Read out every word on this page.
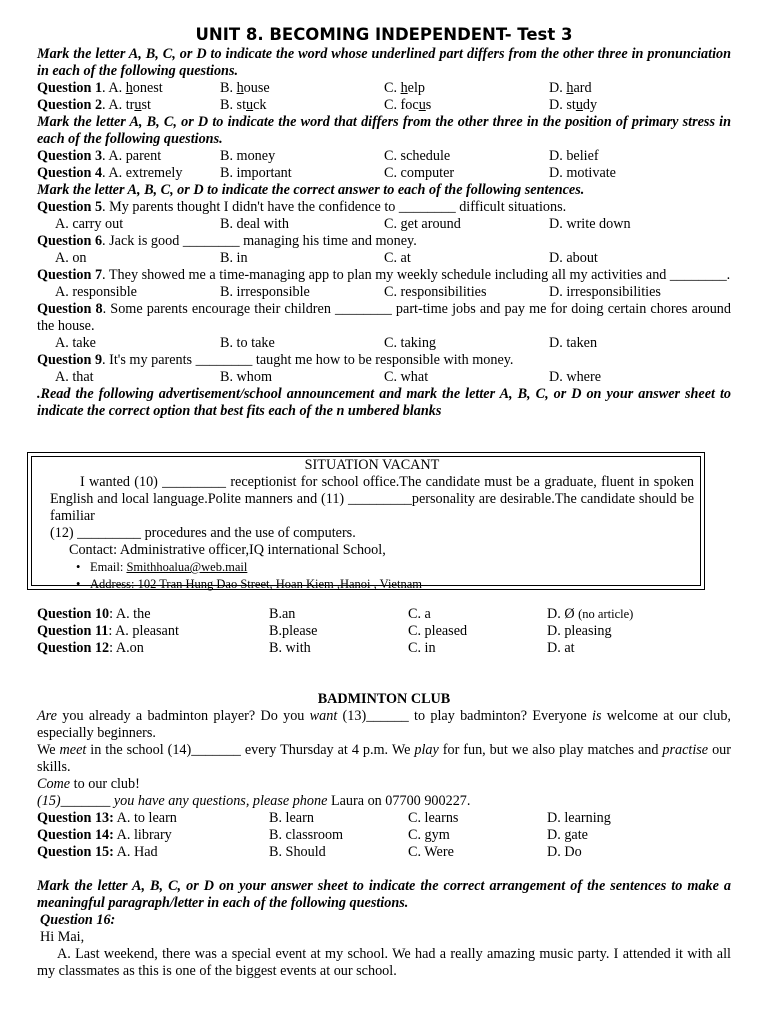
UNIT 8. BECOMING INDEPENDENT- Test 3
Mark the letter A, B, C, or D to indicate the word whose underlined part differs from the other three in pronunciation in each of the following questions.
Question 1. A. honest	B. house	C. help	D. hard
Question 2. A. trust	B. stuck	C. focus	D. study
Mark the letter A, B, C, or D to indicate the word that differs from the other three in the position of primary stress in each of the following questions.
Question 3. A. parent	B. money	C. schedule	D. belief
Question 4. A. extremely	B. important	C. computer	D. motivate
Mark the letter A, B, C, or D to indicate the correct answer to each of the following sentences.
Question 5. My parents thought I didn't have the confidence to ________ difficult situations.
A. carry out	B. deal with	C. get around	D. write down
Question 6. Jack is good ________ managing his time and money.
A. on	B. in	C. at	D. about
Question 7. They showed me a time-managing app to plan my weekly schedule including all my activities and ________.
A. responsible	B. irresponsible	C. responsibilities	D. irresponsibilities
Question 8. Some parents encourage their children ________ part-time jobs and pay me for doing certain chores around the house.
A. take	B. to take	C. taking	D. taken
Question 9. It's my parents ________ taught me how to be responsible with money.
A. that	B. whom	C. what	D. where
.Read the following advertisement/school announcement and mark the letter A, B, C, or D on your answer sheet to indicate the correct option that best fits each of the n umbered blanks
SITUATION VACANT
I wanted (10) _________ receptionist for school office.The candidate must be a graduate, fluent in spoken English and local language.Polite manners and (11) _________personality are desirable.The candidate should be familiar
(12) _________ procedures and the use of computers.
Contact: Administrative officer,IQ international School,
• Email: Smithhoalua@web.mail
• Address: 102 Tran Hung Dao Street, Hoan Kiem ,Hanoi , Vietnam
Question 10: A. the	B.an	C. a	D. Ø (no article)
Question 11: A. pleasant	B.please	C. pleased	D. pleasing
Question 12: A.on	B. with	C. in	D. at
BADMINTON CLUB
Are you already a badminton player? Do you want (13)______ to play badminton? Everyone is welcome at our club, especially beginners.
We meet in the school (14)_______ every Thursday at 4 p.m. We play for fun, but we also play matches and practise our skills.
Come to our club!
(15)_______ you have any questions, please phone Laura on 07700 900227.
Question 13: A. to learn	B. learn	C. learns	D. learning
Question 14: A. library	B. classroom	C. gym	D. gate
Question 15: A. Had	B. Should	C. Were	D. Do
Mark the letter A, B, C, or D on your answer sheet to indicate the correct arrangement of the sentences to make a meaningful paragraph/letter in each of the following questions.
Question 16:
Hi Mai,
A. Last weekend, there was a special event at my school. We had a really amazing music party. I attended it with all my classmates as this is one of the biggest events at our school.
